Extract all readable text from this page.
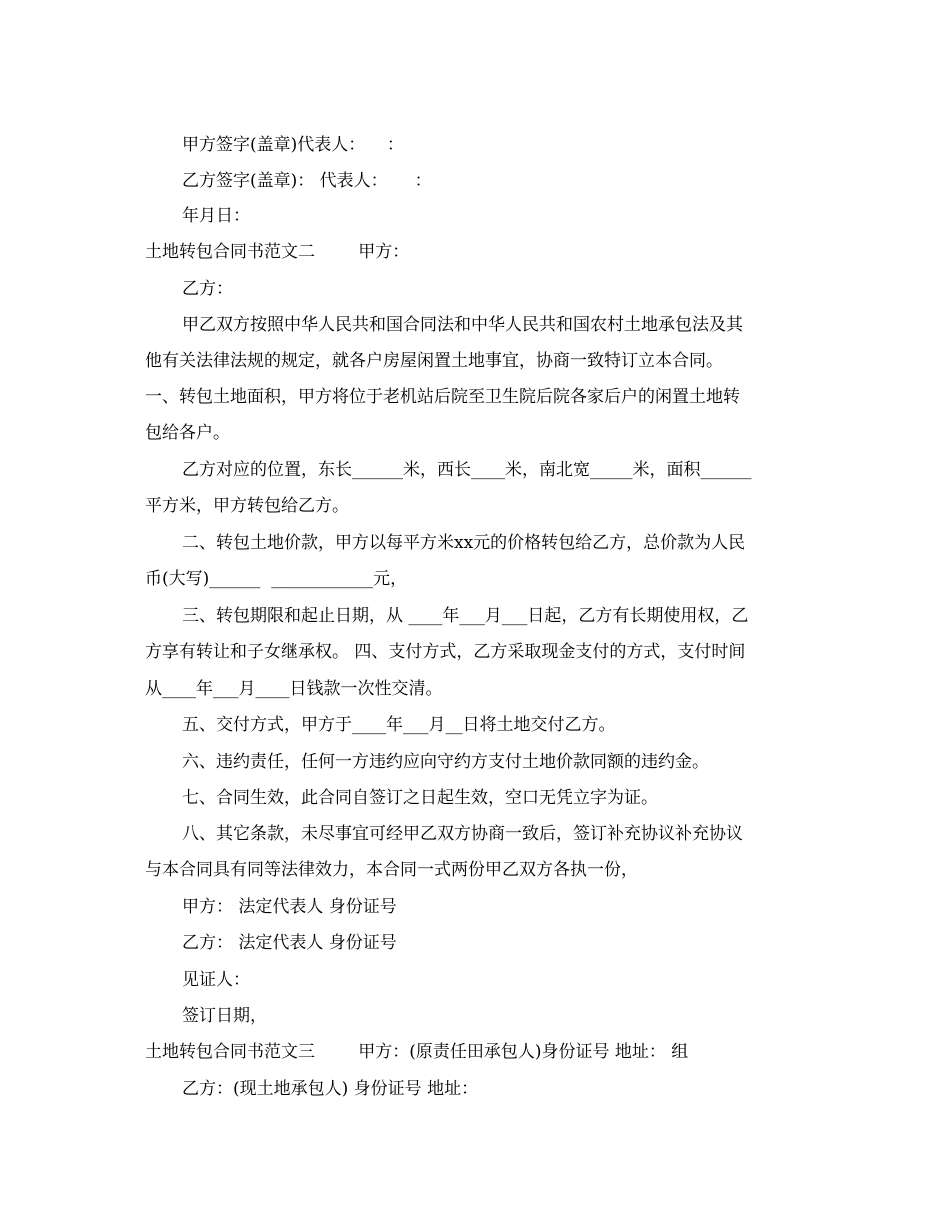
甲方签字(盖章)代表人：    ：
乙方签字(盖章)： 代表人：     ：
年月日：
土地转包合同书范文二        甲方：
乙方：
甲乙双方按照中华人民共和国合同法和中华人民共和国农村土地承包法及其
他有关法律法规的规定，就各户房屋闲置土地事宜，协商一致特订立本合同。
一、转包土地面积，甲方将位于老机站后院至卫生院后院各家后户的闲置土地转
包给各户。
乙方对应的位置，东长______米，西长____米，南北宽_____米，面积______
平方米，甲方转包给乙方。
二、转包土地价款，甲方以每平方米xx元的价格转包给乙方，总价款为人民
币(大写)______  ____________元，
三、转包期限和起止日期，从 ____年___月___日起，乙方有长期使用权，乙
方享有转让和子女继承权。 四、支付方式，乙方采取现金支付的方式，支付时间
从____年___月____日钱款一次性交清。
五、交付方式，甲方于____年___月__日将土地交付乙方。
六、违约责任，任何一方违约应向守约方支付土地价款同额的违约金。
七、合同生效，此合同自签订之日起生效，空口无凭立字为证。
八、其它条款，未尽事宜可经甲乙双方协商一致后，签订补充协议补充协议
与本合同具有同等法律效力，本合同一式两份甲乙双方各执一份，
甲方： 法定代表人 身份证号
乙方： 法定代表人 身份证号
见证人：
签订日期，
土地转包合同书范文三        甲方：(原责任田承包人)身份证号 地址： 组
乙方：(现土地承包人) 身份证号 地址：
